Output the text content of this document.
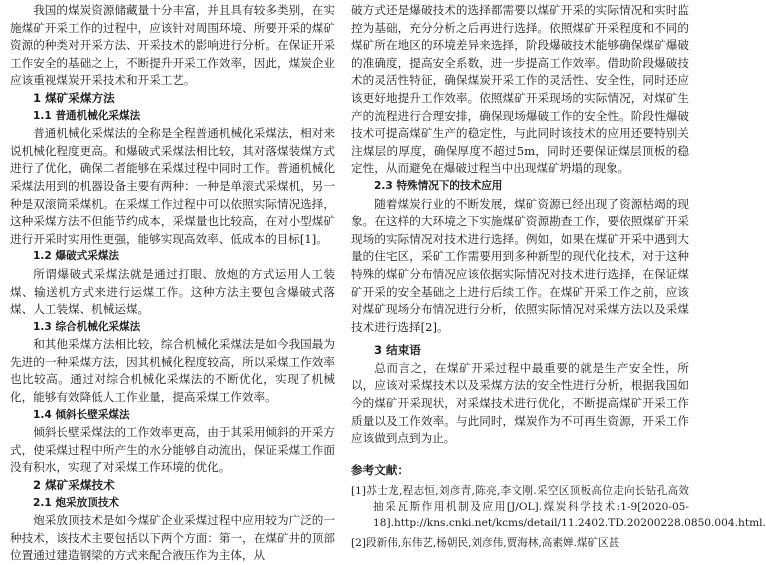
我国的煤炭资源储藏量十分丰富，并且具有较多类别，在实施煤矿开采工作的过程中，应该针对周围环境、所要开采的煤矿资源的种类对开采方法、开采技术的影响进行分析。在保证开采工作安全的基础之上，不断提升开采工作效率，因此，煤炭企业应该重视煤炭开采技术和开采工艺。

1 煤矿采煤方法

1.1 普通机械化采煤法

普通机械化采煤法的全称是全程普通机械化采煤法，相对来说机械化程度更高。和爆破式采煤法相比较，其对落煤装煤方式进行了优化，确保二者能够在采煤过程中同时工作。普通机械化采煤法用到的机器设备主要有两种：一种是单滚式采煤机，另一种是双滚筒采煤机。在采煤工作过程中可以依照实际情况选择，这种采煤方法不但能节约成本，采煤量也比较高，在对小型煤矿进行开采时实用性更强，能够实现高效率、低成本的目标[1]。

1.2 爆破式采煤法

所谓爆破式采煤法就是通过打眼、放炮的方式运用人工装煤、输送机方式来进行运煤工作。这种方法主要包含爆破式落煤、人工装煤、机械运煤。

1.3 综合机械化采煤法

和其他采煤方法相比较，综合机械化采煤法是如今我国最为先进的一种采煤方法，因其机械化程度较高，所以采煤工作效率也比较高。通过对综合机械化采煤法的不断优化，实现了机械化，能够有效降低人工作业量，提高采煤工作效率。

1.4 倾斜长壁采煤法

倾斜长壁采煤法的工作效率更高，由于其采用倾斜的开采方式，使采煤过程中所产生的水分能够自动流出，保证采煤工作面没有积水，实现了对采煤工作环境的优化。

2 煤矿采煤技术

2.1 炮采放顶技术

炮采放顶技术是如今煤矿企业采煤过程中应用较为广泛的一种技术，该技术主要包括以下两个方面：第一，在煤矿井的顶部位置通过建造钢梁的方式来配合液压作为主体，从

破方式还是爆破技术的选择都需要以煤矿开采的实际情况和实时监控为基础，充分分析之后再进行选择。依照煤矿开采程度和不同的煤矿所在地区的环境差异来选择，阶段爆破技术能够确保煤矿爆破的准确度，提高安全系数，进一步提高工作效率。借助阶段爆破技术的灵活性特征，确保煤炭开采工作的灵活性、安全性，同时还应该更好地提升工作效率。依照煤矿开采现场的实际情况，对煤矿生产的流程进行合理安排，确保现场爆破工作的安全性。阶段性爆破技术可提高煤矿生产的稳定性，与此同时该技术的应用还要特别关注煤层的厚度，确保厚度不超过5m，同时还要保证煤层顶板的稳定性，从而避免在爆破过程当中出现煤矿坍塌的现象。

2.3 特殊情况下的技术应用

随着煤炭行业的不断发展，煤矿资源已经出现了资源枯竭的现象。在这样的大环境之下实施煤矿资源勘查工作，要依照煤矿开采现场的实际情况对技术进行选择。例如，如果在煤矿开采中遇到大量的住宅区，采矿工作需要用到多种新型的现代化技术，对于这种特殊的煤矿分布情况应该依据实际情况对技术进行选择，在保证煤矿开采的安全基础之上进行后续工作。在煤矿开采工作之前，应该对煤矿现场分布情况进行分析，依照实际情况对采煤方法以及采煤技术进行选择[2]。

3 结束语

总而言之，在煤矿开采过程中最重要的就是生产安全性，所以，应该对采煤技术以及采煤方法的安全性进行分析，根据我国如今的煤矿开采现状，对采煤技术进行优化，不断提高煤矿开采工作质量以及工作效率。与此同时，煤炭作为不可再生资源，开采工作应该做到点到为止。

参考文献：

[1]苏士龙,程志恒,刘彦青,陈亮,李文刚.采空区顶板高位走向长钻孔高效抽采瓦斯作用机制及应用[J/OL].煤炭科学技术:1-9[2020-05-18].http://kns.cnki.net/kcms/detail/11.2402.TD.20200228.0850.004.html.

[2]段新伟,东伟艺,杨朝民,刘彦伟,贾海林,高素婵.煤矿区甚
